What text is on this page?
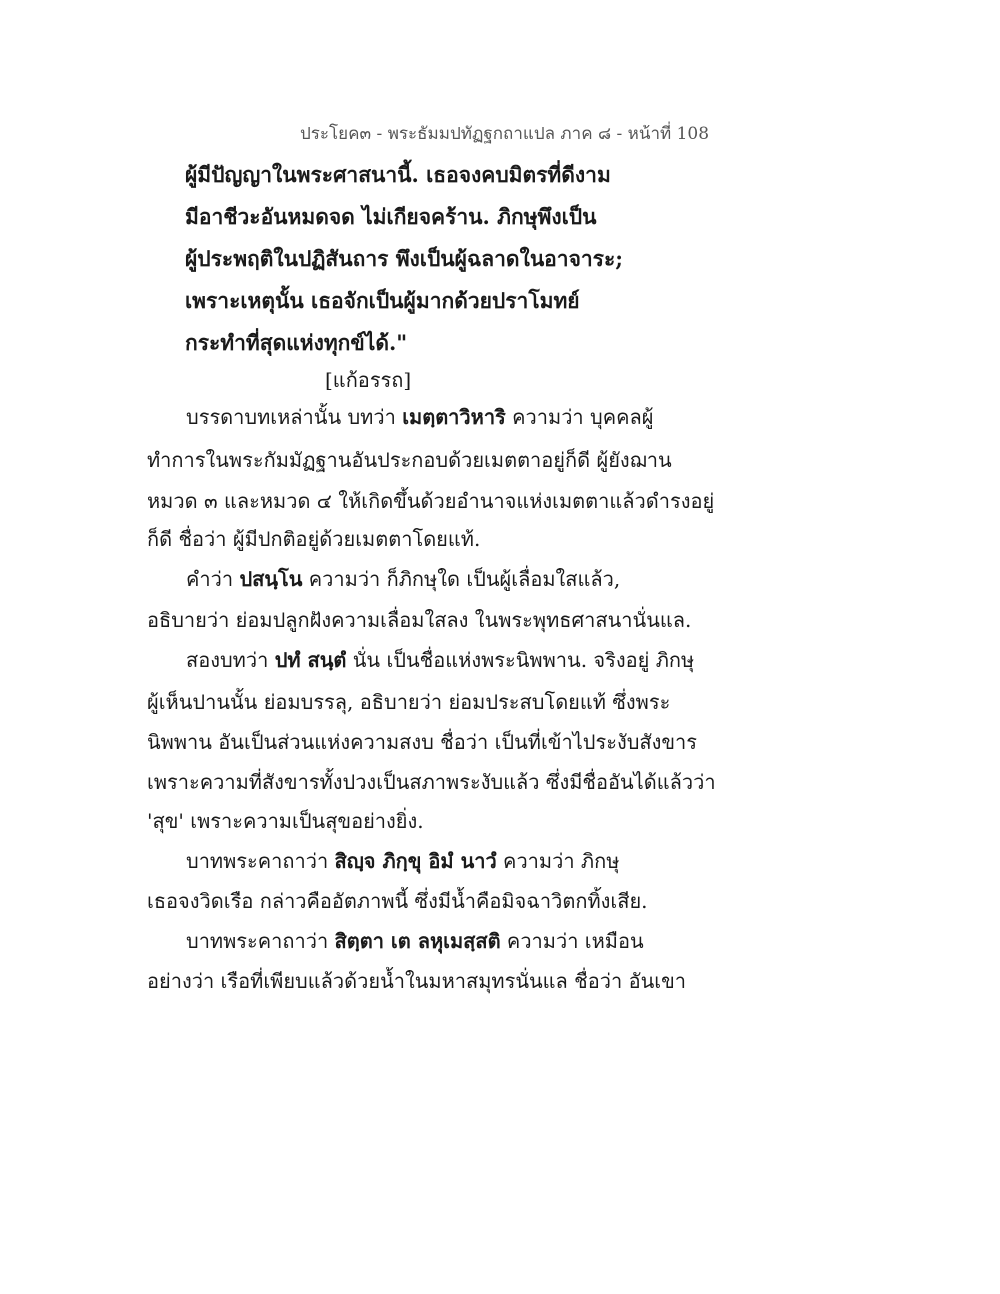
ประโยค๓ - พระธัมมปทัฏฐกถาแปล ภาค ๘ - หน้าที่ 108
ผู้มีปัญญาในพระศาสนานี้. เธอจงคบมิตรที่ดีงาม
มีอาชีวะอันหมดจด ไม่เกียจคร้าน. ภิกษุพึงเป็น
ผู้ประพฤติในปฏิสันถาร พึงเป็นผู้ฉลาดในอาจาระ;
เพราะเหตุนั้น เธอจักเป็นผู้มากด้วยปราโมทย์
กระทำที่สุดแห่งทุกข์ได้."
[แก้อรรถ]
บรรดาบทเหล่านั้น บทว่า เมตฺตาวิหาริ ความว่า บุคคลผู้
ทำการในพระกัมมัฏฐานอันประกอบด้วยเมตตาอยู่ก็ดี ผู้ยังฌาน
หมวด ๓ และหมวด ๔ ให้เกิดขึ้นด้วยอำนาจแห่งเมตตาแล้วดำรงอยู่
ก็ดี ชื่อว่า ผู้มีปกติอยู่ด้วยเมตตาโดยแท้.
คำว่า ปสนฺโน ความว่า ก็ภิกษุใด เป็นผู้เลื่อมใสแล้ว,
อธิบายว่า ย่อมปลูกฝังความเลื่อมใสลง ในพระพุทธศาสนานั่นแล.
สองบทว่า ปทํ สนฺตํ นั่น เป็นชื่อแห่งพระนิพพาน. จริงอยู่ ภิกษุ
ผู้เห็นปานนั้น ย่อมบรรลุ, อธิบายว่า ย่อมประสบโดยแท้ ซึ่งพระ
นิพพาน อันเป็นส่วนแห่งความสงบ ชื่อว่า เป็นที่เข้าไประงับสังขาร
เพราะความที่สังขารทั้งปวงเป็นสภาพระงับแล้ว ซึ่งมีชื่ออันได้แล้วว่า
'สุข' เพราะความเป็นสุขอย่างยิ่ง.
บาทพระคาถาว่า สิญฺจ ภิกฺขุ อิมํ นาวํ ความว่า ภิกษุ
เธอจงวิดเรือ กล่าวคืออัตภาพนี้ ซึ่งมีน้ำคือมิจฉาวิตกทิ้งเสีย.
บาทพระคาถาว่า สิตฺตา เต ลหุเมสฺสติ ความว่า เหมือน
อย่างว่า เรือที่เพียบแล้วด้วยน้ำในมหาสมุทรนั่นแล ชื่อว่า อันเขา
